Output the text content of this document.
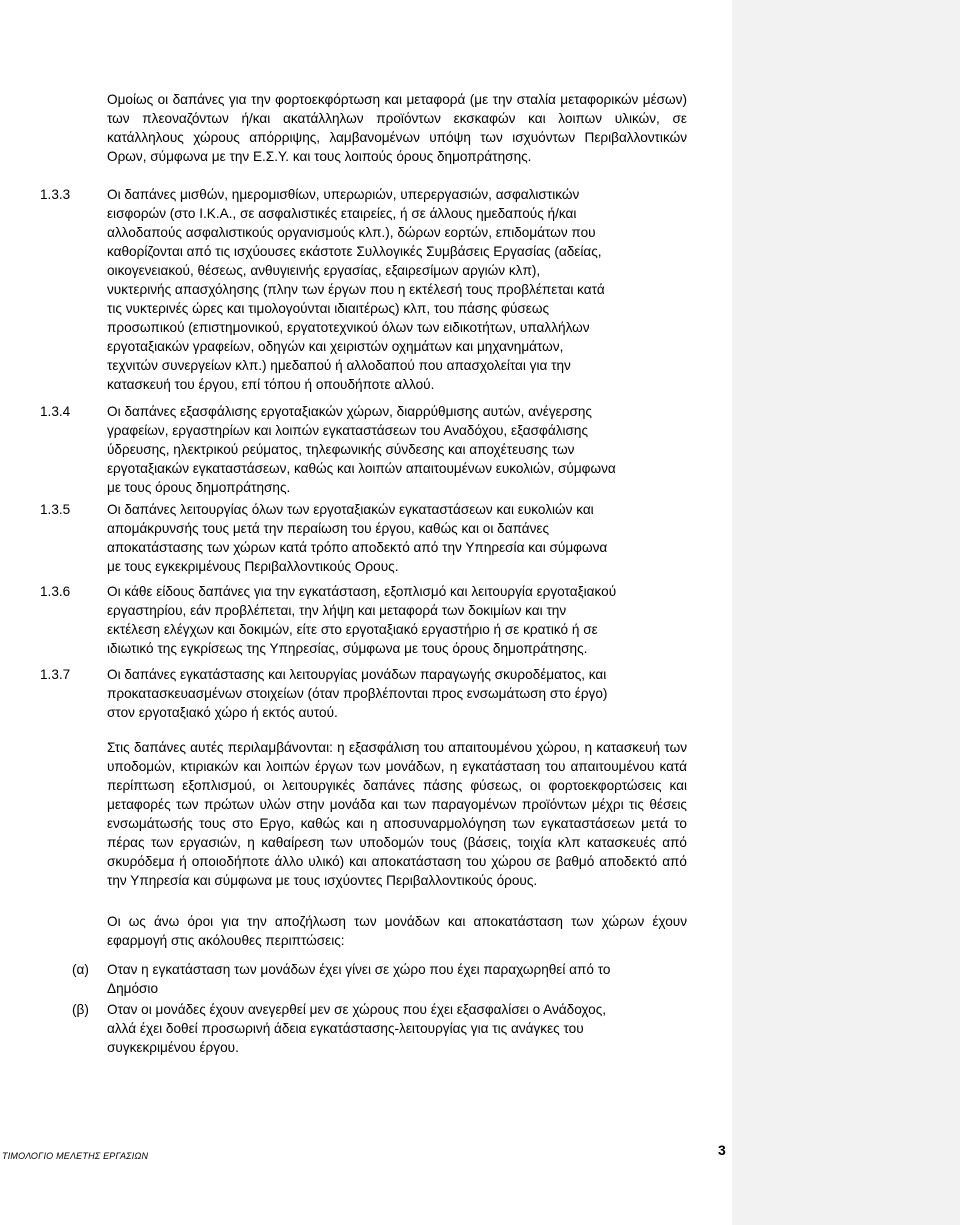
Ομοίως οι δαπάνες για την φορτοεκφόρτωση και μεταφορά (με την σταλία μεταφορικών μέσων) των πλεοναζόντων ή/και ακατάλληλων προϊόντων εκσκαφών και λοιπων υλικών, σε κατάλληλους χώρους απόρριψης, λαμβανομένων υπόψη των ισχυόντων Περιβαλλοντικών Ορων, σύμφωνα με την Ε.Σ.Υ. και τους λοιπούς όρους δημοπράτησης.
1.3.3	Οι δαπάνες μισθών, ημερομισθίων, υπερωριών, υπερεργασιών, ασφαλιστικών
εισφορών (στο Ι.Κ.Α., σε ασφαλιστικές εταιρείες, ή σε άλλους ημεδαπούς ή/και
αλλοδαπούς ασφαλιστικούς οργανισμούς κλπ.), δώρων εορτών, επιδομάτων που
καθορίζονται από τις ισχύουσες εκάστοτε Συλλογικές Συμβάσεις Εργασίας (αδείας,
οικογενειακού, θέσεως, ανθυγιεινής εργασίας, εξαιρεσίμων αργιών κλπ),
νυκτερινής απασχόλησης (πλην των έργων που η εκτέλεσή τους προβλέπεται κατά
τις νυκτερινές ώρες και τιμολογούνται ιδιαιτέρως) κλπ, του πάσης φύσεως
προσωπικού (επιστημονικού, εργατοτεχνικού όλων των ειδικοτήτων, υπαλλήλων
εργοταξιακών γραφείων, οδηγών και χειριστών οχημάτων και μηχανημάτων,
τεχνιτών συνεργείων κλπ.) ημεδαπού ή αλλοδαπού που απασχολείται για την
κατασκευή του έργου, επί τόπου ή οπουδήποτε αλλού.
1.3.4	Οι δαπάνες εξασφάλισης εργοταξιακών χώρων, διαρρύθμισης αυτών, ανέγερσης
γραφείων, εργαστηρίων και λοιπών εγκαταστάσεων του Αναδόχου, εξασφάλισης
ύδρευσης, ηλεκτρικού ρεύματος, τηλεφωνικής σύνδεσης και αποχέτευσης των
εργοταξιακών εγκαταστάσεων, καθώς και λοιπών απαιτουμένων ευκολιών, σύμφωνα
με τους όρους δημοπράτησης.
1.3.5	Οι δαπάνες λειτουργίας όλων των εργοταξιακών εγκαταστάσεων και ευκολιών και
απομάκρυνσής τους μετά την περαίωση του έργου, καθώς και οι δαπάνες
αποκατάστασης των χώρων κατά τρόπο αποδεκτό από την Υπηρεσία και σύμφωνα
με τους εγκεκριμένους Περιβαλλοντικούς Ορους.
1.3.6	Οι κάθε είδους δαπάνες για την εγκατάσταση, εξοπλισμό και λειτουργία εργοταξιακού
εργαστηρίου, εάν προβλέπεται, την λήψη και μεταφορά των δοκιμίων και την
εκτέλεση ελέγχων και δοκιμών, είτε στο εργοταξιακό εργαστήριο ή σε κρατικό ή σε
ιδιωτικό της εγκρίσεως της Υπηρεσίας, σύμφωνα με τους όρους δημοπράτησης.
1.3.7	Οι δαπάνες εγκατάστασης και λειτουργίας μονάδων παραγωγής σκυροδέματος, και
προκατασκευασμένων στοιχείων (όταν προβλέπονται προς ενσωμάτωση στο έργο)
στον εργοταξιακό χώρο ή εκτός αυτού.
Στις δαπάνες αυτές περιλαμβάνονται: η εξασφάλιση του απαιτουμένου χώρου, η κατασκευή των υποδομών, κτιριακών και λοιπών έργων των μονάδων, η εγκατάσταση του απαιτουμένου κατά περίπτωση εξοπλισμού, οι λειτουργικές δαπάνες πάσης φύσεως, οι φορτοεκφορτώσεις και μεταφορές των πρώτων υλών στην μονάδα και των παραγομένων προϊόντων μέχρι τις θέσεις ενσωμάτωσής τους στο Εργο, καθώς και η αποσυναρμολόγηση των εγκαταστάσεων μετά το πέρας των εργασιών, η καθαίρεση των υποδομών τους (βάσεις, τοιχία κλπ κατασκευές από σκυρόδεμα ή οποιοδήποτε άλλο υλικό) και αποκατάσταση του χώρου σε βαθμό αποδεκτό από την Υπηρεσία και σύμφωνα με τους ισχύοντες Περιβαλλοντικούς όρους.
Οι ως άνω όροι για την αποζήλωση των μονάδων και αποκατάσταση των χώρων έχουν εφαρμογή στις ακόλουθες περιπτώσεις:
(α)	Οταν η εγκατάσταση των μονάδων έχει γίνει σε χώρο που έχει παραχωρηθεί από το
Δημόσιο
(β)	Οταν οι μονάδες έχουν ανεγερθεί μεν σε χώρους που έχει εξασφαλίσει ο Ανάδοχος,
αλλά έχει δοθεί προσωρινή άδεια εγκατάστασης-λειτουργίας για τις ανάγκες του
συγκεκριμένου έργου.
ΤΙΜΟΛΟΓΙΟ ΜΕΛΕΤΗΣ ΕΡΓΑΣΙΩΝ	3
